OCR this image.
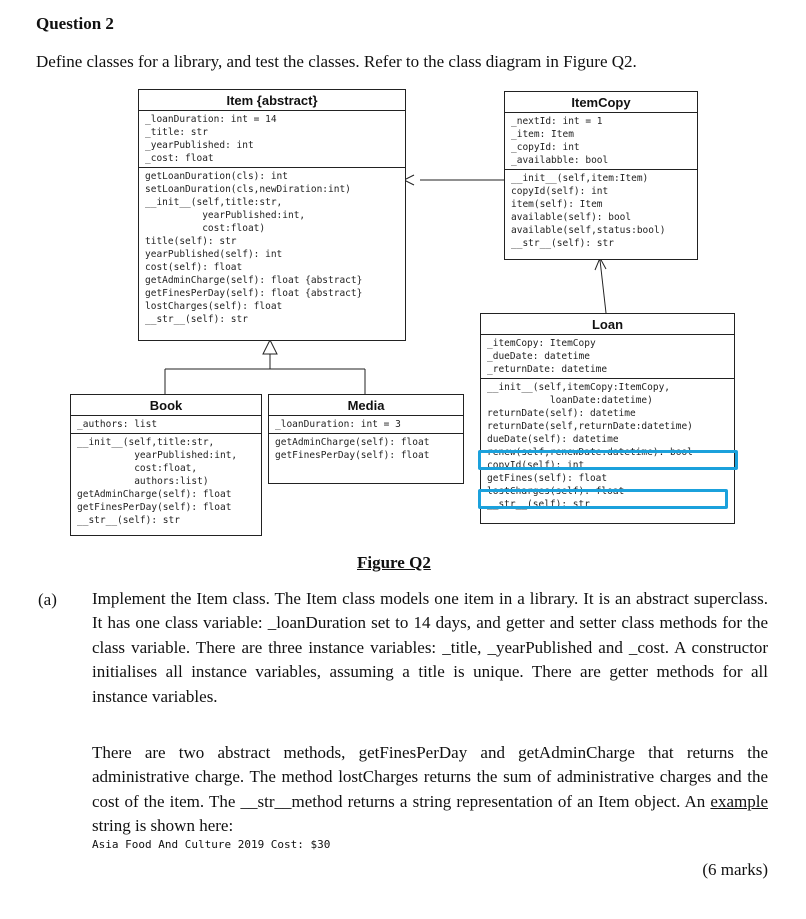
Question 2
Define classes for a library, and test the classes. Refer to the class diagram in Figure Q2.
Item {abstract}
_loanDuration: int = 14
_title: str
_yearPublished: int
_cost: float
getLoanDuration(cls): int
setLoanDuration(cls,newDiration:int)
__init__(self,title:str,
yearPublished:int,
cost:float)
title(self): str
yearPublished(self): int
cost(self): float
getAdminCharge(self): float {abstract}
getFinesPerDay(self): float {abstract}
lostCharges(self): float
__str__(self): str
ItemCopy
_nextId: int = 1
_item: Item
_copyId: int
_availabble: bool
__init__(self,item:Item)
copyId(self): int
item(self): Item
available(self): bool
available(self,status:bool)
__str__(self): str
Book
_authors: list
__init__(self,title:str,
yearPublished:int,
cost:float,
authors:list)
getAdminCharge(self): float
getFinesPerDay(self): float
__str__(self): str
Media
_loanDuration: int = 3
getAdminCharge(self): float
getFinesPerDay(self): float
Loan
_itemCopy: ItemCopy
_dueDate: datetime
_returnDate: datetime
__init__(self,itemCopy:ItemCopy,
loanDate:datetime)
returnDate(self): datetime
returnDate(self,returnDate:datetime)
dueDate(self): datetime
renew(self,renewDate:datetime): bool
copyId(self): int
getFines(self): float
lostCharges(self): float
__str__(self): str
Figure Q2
(a) Implement the Item class. The Item class models one item in a library. It is an abstract superclass. It has one class variable: _loanDuration set to 14 days, and getter and setter class methods for the class variable. There are three instance variables: _title, _yearPublished and _cost. A constructor initialises all instance variables, assuming a title is unique. There are getter methods for all instance variables.
There are two abstract methods, getFinesPerDay and getAdminCharge that returns the administrative charge. The method lostCharges returns the sum of administrative charges and the cost of the item. The __str__method returns a string representation of an Item object. An example string is shown here:
Asia Food And Culture 2019 Cost: $30
(6 marks)
